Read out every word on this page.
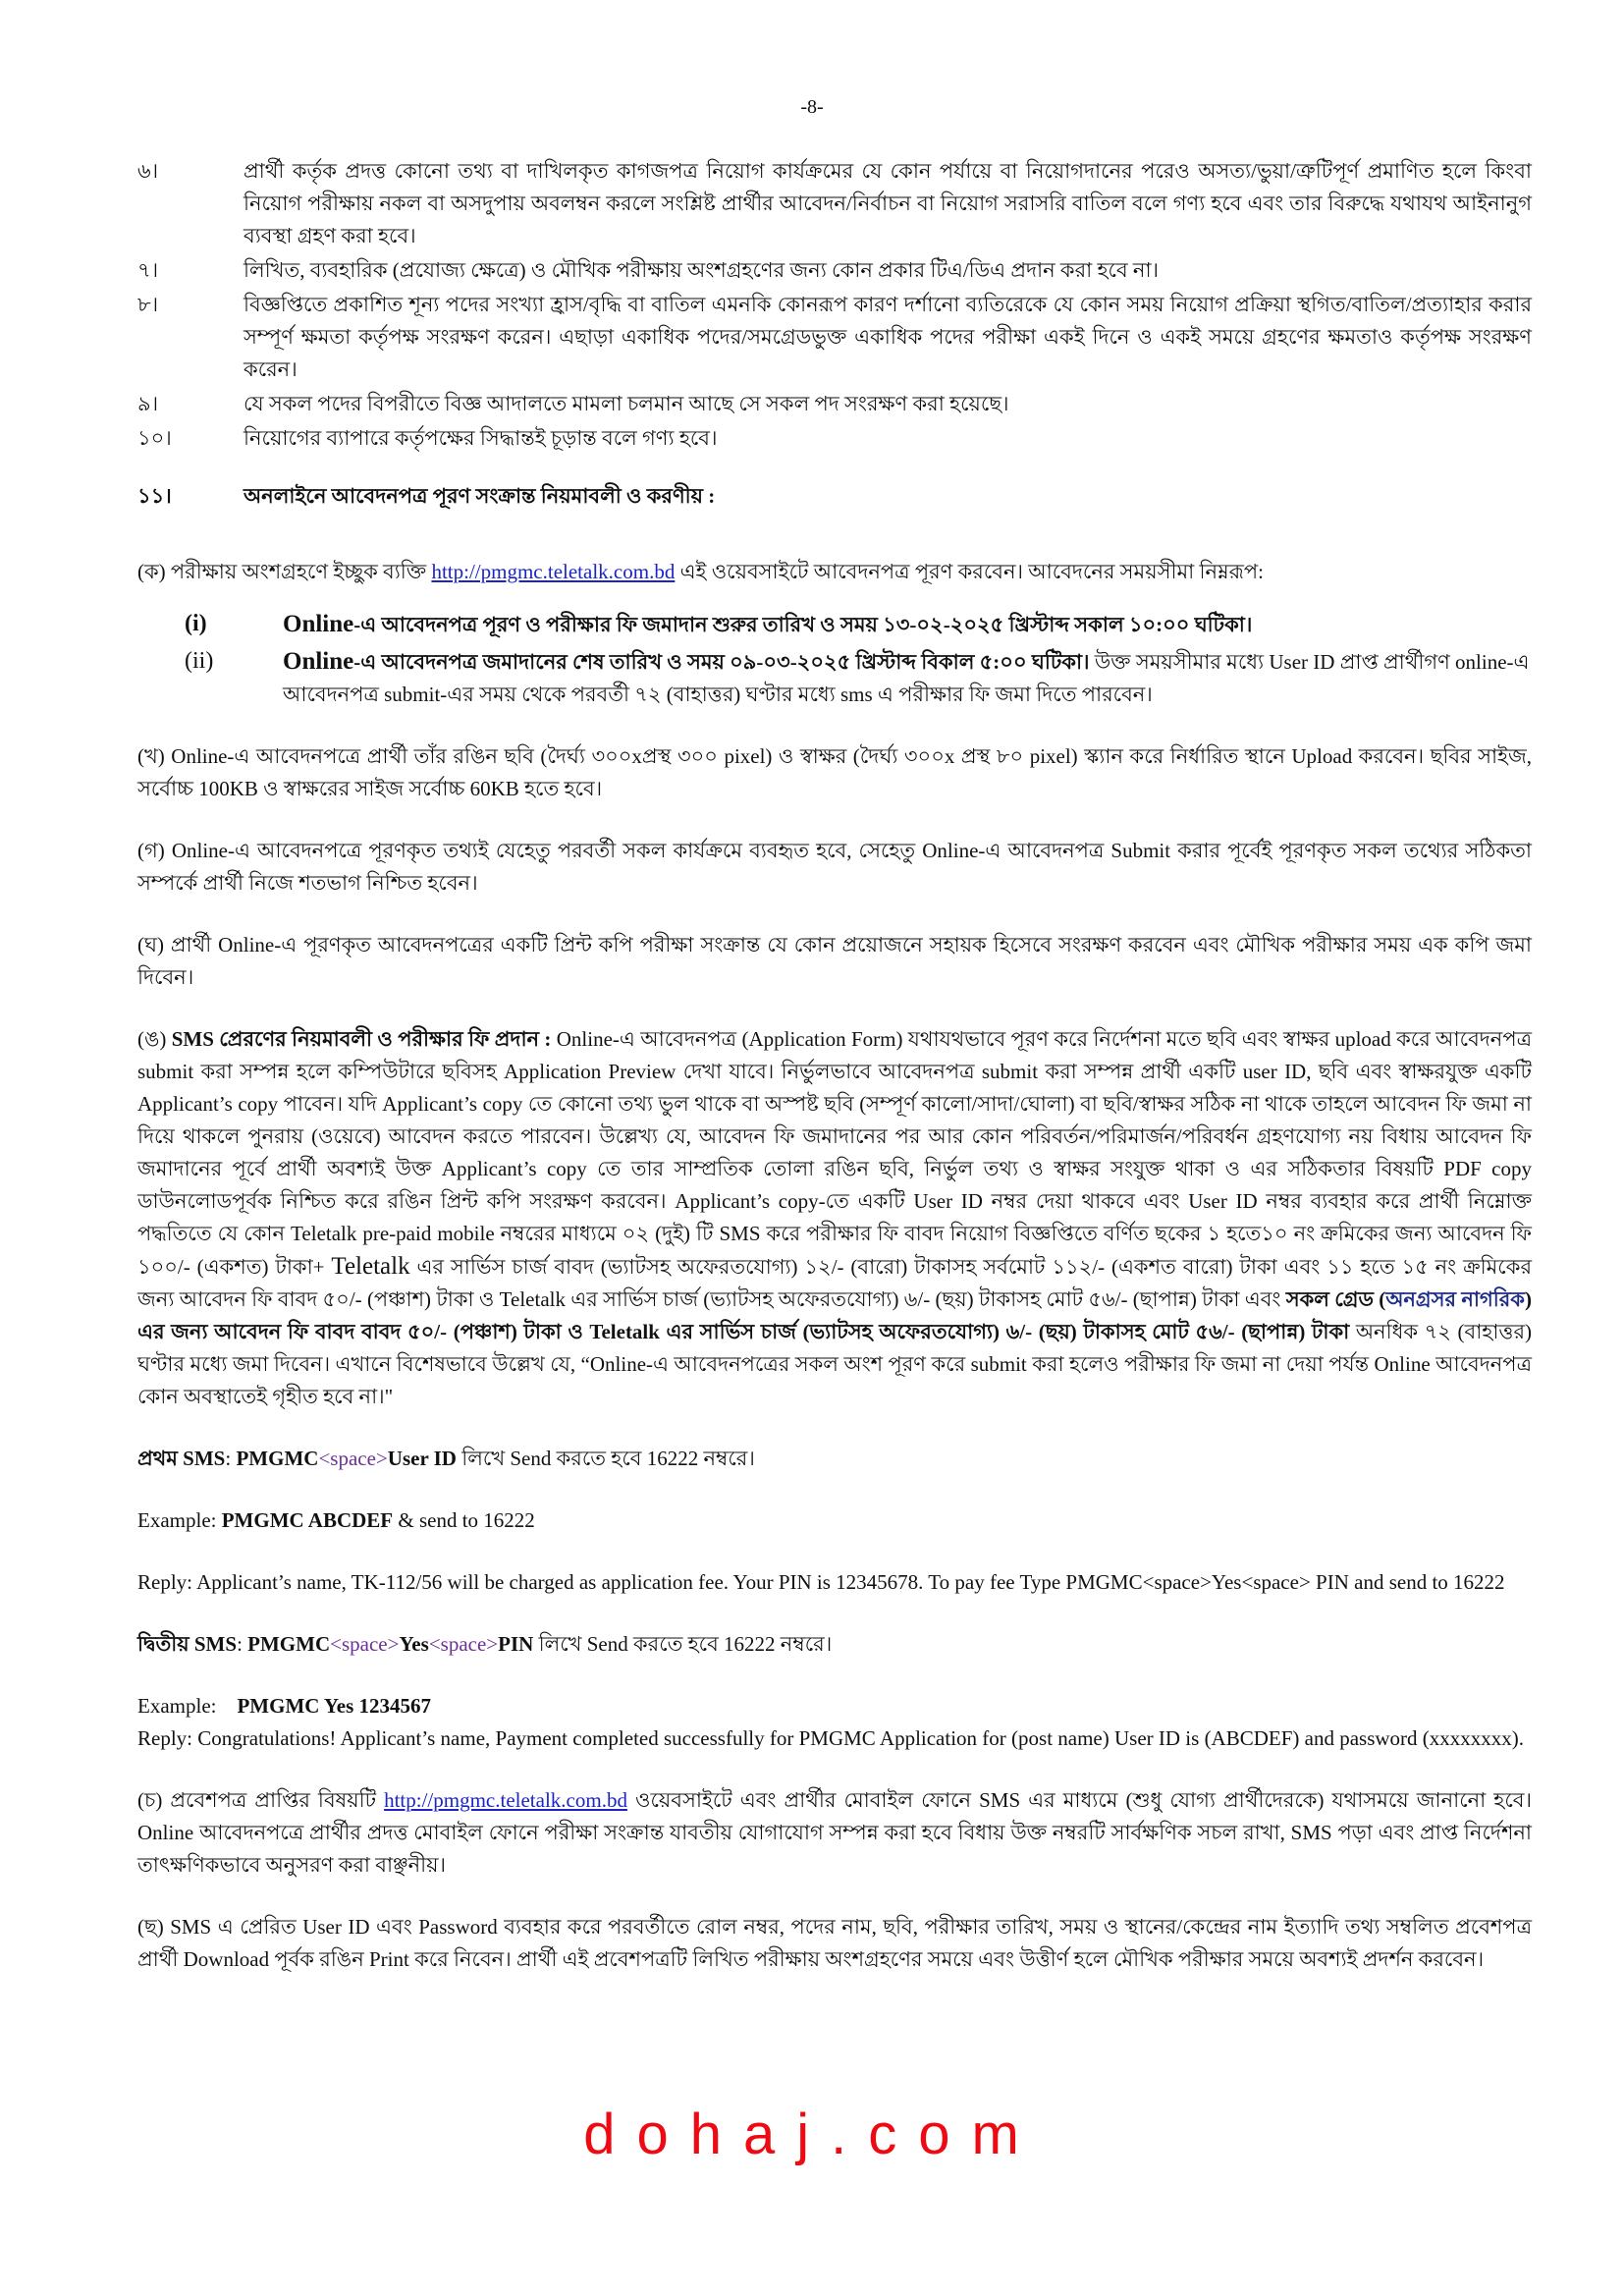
-8-
৬।	প্রার্থী কর্তৃক প্রদত্ত কোনো তথ্য বা দাখিলকৃত কাগজপত্র নিয়োগ কার্যক্রমের যে কোন পর্যায়ে বা নিয়োগদানের পরেও অসত্য/ভুয়া/ত্রুটিপূর্ণ প্রমাণিত হলে কিংবা নিয়োগ পরীক্ষায় নকল বা অসদুপায় অবলম্বন করলে সংশ্লিষ্ট প্রার্থীর আবেদন/নির্বাচন বা নিয়োগ সরাসরি বাতিল বলে গণ্য হবে এবং তার বিরুদ্ধে যথাযথ আইনানুগ ব্যবস্থা গ্রহণ করা হবে।
৭।	লিখিত, ব্যবহারিক (প্রযোজ্য ক্ষেত্রে) ও মৌখিক পরীক্ষায় অংশগ্রহণের জন্য কোন প্রকার টিএ/ডিএ প্রদান করা হবে না।
৮।	বিজ্ঞপ্তিতে প্রকাশিত শূন্য পদের সংখ্যা হ্রাস/বৃদ্ধি বা বাতিল এমনকি কোনরূপ কারণ দর্শানো ব্যতিরেকে যে কোন সময় নিয়োগ প্রক্রিয়া স্থগিত/বাতিল/প্রত্যাহার করার সম্পূর্ণ ক্ষমতা কর্তৃপক্ষ সংরক্ষণ করেন। এছাড়া একাধিক পদের/সমগ্রেডভুক্ত একাধিক পদের পরীক্ষা একই দিনে ও একই সময়ে গ্রহণের ক্ষমতাও কর্তৃপক্ষ সংরক্ষণ করেন।
৯।	যে সকল পদের বিপরীতে বিজ্ঞ আদালতে মামলা চলমান আছে সে সকল পদ সংরক্ষণ করা হয়েছে।
১০।	নিয়োগের ব্যাপারে কর্তৃপক্ষের সিদ্ধান্তই চূড়ান্ত বলে গণ্য হবে।
১১।	অনলাইনে আবেদনপত্র পূরণ সংক্রান্ত নিয়মাবলী ও করণীয় :

(ক) পরীক্ষায় অংশগ্রহণে ইচ্ছুক ব্যক্তি http://pmgmc.teletalk.com.bd এই ওয়েবসাইটে আবেদনপত্র পূরণ করবেন। আবেদনের সময়সীমা নিম্নরূপ:

(i)	Online-এ আবেদনপত্র পূরণ ও পরীক্ষার ফি জমাদান শুরুর তারিখ ও সময় ১৩-০২-২০২৫ খ্রিস্টাব্দ সকাল ১০:০০ ঘটিকা।
(ii)	Online-এ আবেদনপত্র জমাদানের শেষ তারিখ ও সময় ০৯-০৩-২০২৫ খ্রিস্টাব্দ বিকাল ৫:০০ ঘটিকা। উক্ত সময়সীমার মধ্যে User ID প্রাপ্ত প্রার্থীগণ online-এ আবেদনপত্র submit-এর সময় থেকে পরবর্তী ৭২ (বাহাত্তর) ঘণ্টার মধ্যে sms এ পরীক্ষার ফি জমা দিতে পারবেন।

(খ) Online-এ আবেদনপত্রে প্রার্থী তাঁর রঙিন ছবি (দৈর্ঘ্য ৩০০xপ্রস্থ ৩০০ pixel) ও স্বাক্ষর (দৈর্ঘ্য ৩০০x প্রস্থ ৮০ pixel) স্ক্যান করে নির্ধারিত স্থানে Upload করবেন। ছবির সাইজ, সর্বোচ্চ 100KB ও স্বাক্ষরের সাইজ সর্বোচ্চ 60KB হতে হবে।

(গ) Online-এ আবেদনপত্রে পূরণকৃত তথ্যই যেহেতু পরবর্তী সকল কার্যক্রমে ব্যবহৃত হবে, সেহেতু Online-এ আবেদনপত্র Submit করার পূর্বেই পূরণকৃত সকল তথ্যের সঠিকতা সম্পর্কে প্রার্থী নিজে শতভাগ নিশ্চিত হবেন।

(ঘ) প্রার্থী Online-এ পূরণকৃত আবেদনপত্রের একটি প্রিন্ট কপি পরীক্ষা সংক্রান্ত যে কোন প্রয়োজনে সহায়ক হিসেবে সংরক্ষণ করবেন এবং মৌখিক পরীক্ষার সময় এক কপি জমা দিবেন।

(ঙ) SMS প্রেরণের নিয়মাবলী ও পরীক্ষার ফি প্রদান : Online-এ আবেদনপত্র (Application Form) যথাযথভাবে পূরণ করে নির্দেশনা মতে ছবি এবং স্বাক্ষর upload করে আবেদনপত্র submit করা সম্পন্ন হলে কম্পিউটারে ছবিসহ Application Preview দেখা যাবে। নির্ভুলভাবে আবেদনপত্র submit করা সম্পন্ন প্রার্থী একটি user ID, ছবি এবং স্বাক্ষরযুক্ত একটি Applicant’s copy পাবেন। যদি Applicant’s copy তে কোনো তথ্য ভুল থাকে বা অস্পষ্ট ছবি (সম্পূর্ণ কালো/সাদা/ঘোলা) বা ছবি/স্বাক্ষর সঠিক না থাকে তাহলে আবেদন ফি জমা না দিয়ে থাকলে পুনরায় (ওয়েবে) আবেদন করতে পারবেন। উল্লেখ্য যে, আবেদন ফি জমাদানের পর আর কোন পরিবর্তন/পরিমার্জন/পরিবর্ধন গ্রহণযোগ্য নয় বিধায় আবেদন ফি জমাদানের পূর্বে প্রার্থী অবশ্যই উক্ত Applicant’s copy তে তার সাম্প্রতিক তোলা রঙিন ছবি, নির্ভুল তথ্য ও স্বাক্ষর সংযুক্ত থাকা ও এর সঠিকতার বিষয়টি PDF copy ডাউনলোডপূর্বক নিশ্চিত করে রঙিন প্রিন্ট কপি সংরক্ষণ করবেন। Applicant’s copy-তে একটি User ID নম্বর দেয়া থাকবে এবং User ID নম্বর ব্যবহার করে প্রার্থী নিম্নোক্ত পদ্ধতিতে যে কোন Teletalk pre-paid mobile নম্বরের মাধ্যমে ০২ (দুই) টি SMS করে পরীক্ষার ফি বাবদ নিয়োগ বিজ্ঞপ্তিতে বর্ণিত ছকের ১ হতে১০ নং ক্রমিকের জন্য আবেদন ফি ১০০/- (একশত) টাকা+ Teletalk এর সার্ভিস চার্জ বাবদ (ভ্যাটসহ অফেরতযোগ্য) ১২/- (বারো) টাকাসহ সর্বমোট ১১২/- (একশত বারো) টাকা এবং ১১ হতে ১৫ নং ক্রমিকের জন্য আবেদন ফি বাবদ ৫০/- (পঞ্চাশ) টাকা ও Teletalk এর সার্ভিস চার্জ (ভ্যাটসহ অফেরতযোগ্য) ৬/- (ছয়) টাকাসহ মোট ৫৬/- (ছাপান্ন) টাকা এবং সকল গ্রেড (অনগ্রসর নাগরিক) এর জন্য আবেদন ফি বাবদ বাবদ ৫০/- (পঞ্চাশ) টাকা ও Teletalk এর সার্ভিস চার্জ (ভ্যাটসহ অফেরতযোগ্য) ৬/- (ছয়) টাকাসহ মোট ৫৬/- (ছাপান্ন) টাকা অনধিক ৭২ (বাহাত্তর) ঘণ্টার মধ্যে জমা দিবেন। এখানে বিশেষভাবে উল্লেখ যে, “Online-এ আবেদনপত্রের সকল অংশ পূরণ করে submit করা হলেও পরীক্ষার ফি জমা না দেয়া পর্যন্ত Online আবেদনপত্র কোন অবস্থাতেই গৃহীত হবে না।"

প্রথম SMS: PMGMC<space>User ID লিখে Send করতে হবে 16222 নম্বরে।

Example: PMGMC ABCDEF & send to 16222

Reply: Applicant’s name, TK-112/56 will be charged as application fee. Your PIN is 12345678. To pay fee Type PMGMC<space>Yes<space> PIN and send to 16222

দ্বিতীয় SMS: PMGMC<space>Yes<space>PIN লিখে Send করতে হবে 16222 নম্বরে।

Example:    PMGMC Yes 1234567

Reply: Congratulations! Applicant’s name, Payment completed successfully for PMGMC Application for (post name) User ID is (ABCDEF) and password (xxxxxxxx).

(চ) প্রবেশপত্র প্রাপ্তির বিষয়টি http://pmgmc.teletalk.com.bd ওয়েবসাইটে এবং প্রার্থীর মোবাইল ফোনে SMS এর মাধ্যমে (শুধু যোগ্য প্রার্থীদেরকে) যথাসময়ে জানানো হবে। Online আবেদনপত্রে প্রার্থীর প্রদত্ত মোবাইল ফোনে পরীক্ষা সংক্রান্ত যাবতীয় যোগাযোগ সম্পন্ন করা হবে বিধায় উক্ত নম্বরটি সার্বক্ষণিক সচল রাখা, SMS পড়া এবং প্রাপ্ত নির্দেশনা তাৎক্ষণিকভাবে অনুসরণ করা বাঞ্ছনীয়।

(ছ) SMS এ প্রেরিত User ID এবং Password ব্যবহার করে পরবর্তীতে রোল নম্বর, পদের নাম, ছবি, পরীক্ষার তারিখ, সময় ও স্থানের/কেন্দ্রের নাম ইত্যাদি তথ্য সম্বলিত প্রবেশপত্র প্রার্থী Download পূর্বক রঙিন Print করে নিবেন। প্রার্থী এই প্রবেশপত্রটি লিখিত পরীক্ষায় অংশগ্রহণের সময়ে এবং উত্তীর্ণ হলে মৌখিক পরীক্ষার সময়ে অবশ্যই প্রদর্শন করবেন।

dohaj.com
